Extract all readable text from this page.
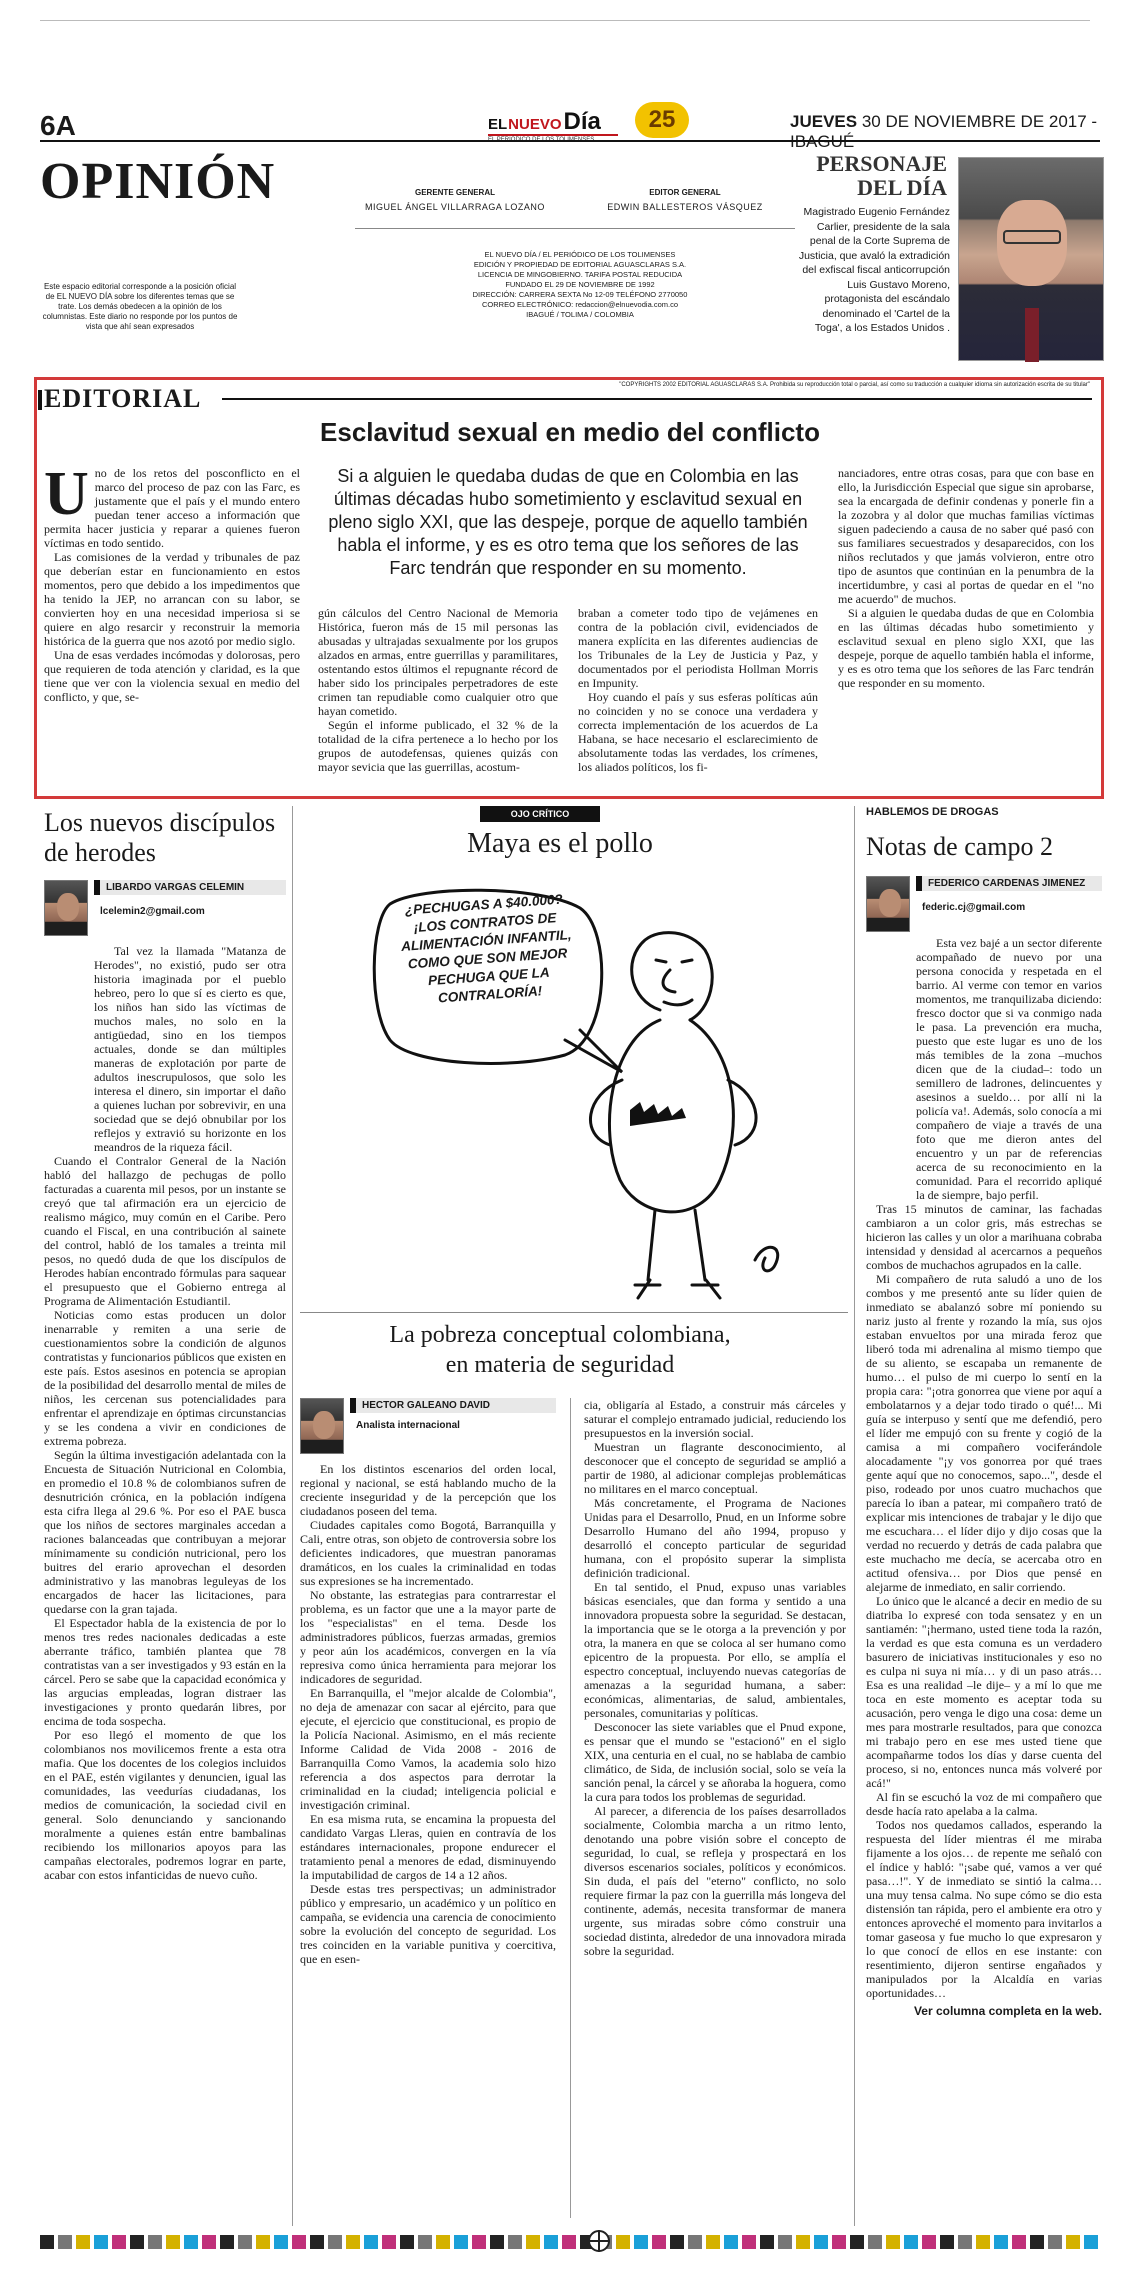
6A	EL NUEVO Día
EL PERIÓDICO DE LOS TOLIMENSES
25	JUEVES 30 DE NOVIEMBRE DE 2017 - IBAGUÉ
OPINIÓN
Este espacio editorial corresponde a la posición oficial de EL NUEVO DÍA sobre los diferentes temas que se trate. Los demás obedecen a la opinión de los columnistas. Este diario no responde por los puntos de vista que ahí sean expresados
GERENTE GENERAL
MIGUEL ÁNGEL VILLARRAGA LOZANO
EDITOR GENERAL
EDWIN BALLESTEROS VÁSQUEZ
EL NUEVO DÍA / EL PERIÓDICO DE LOS TOLIMENSES
EDICIÓN Y PROPIEDAD DE EDITORIAL AGUASCLARAS S.A.
LICENCIA DE MINGOBIERNO. TARIFA POSTAL REDUCIDA
FUNDADO EL 29 DE NOVIEMBRE DE 1992
DIRECCIÓN: CARRERA SEXTA No 12-09 TELÉFONO 2770050
CORREO ELECTRÓNICO: redaccion@elnuevodia.com.co
IBAGUÉ / TOLIMA / COLOMBIA
PERSONAJE
DEL DÍA
Magistrado Eugenio Fernández Carlier, presidente de la sala penal de la Corte Suprema de Justicia, que avaló la extradición del exfiscal fiscal anticorrupción Luis Gustavo Moreno, protagonista del escándalo denominado el 'Cartel de la Toga', a los Estados Unidos .
EDITORIAL	"COPYRIGHTS 2002 EDITORIAL AGUASCLARAS S.A. Prohibida su reproducción total o parcial, así como su traducción a cualquier idioma sin autorización escrita de su titular"
Esclavitud sexual en medio del conflicto
U no de los retos del posconflicto en el marco del proceso de paz con las Farc, es justamente que el país y el mundo entero puedan tener acceso a información que permita hacer justicia y reparar a quienes fueron víctimas en todo sentido.
Las comisiones de la verdad y tribunales de paz que deberían estar en funcionamiento en estos momentos, pero que debido a los impedimentos que ha tenido la JEP, no arrancan con su labor, se convierten hoy en una necesidad imperiosa si se quiere en algo resarcir y reconstruir la memoria histórica de la guerra que nos azotó por medio siglo.
Una de esas verdades incómodas y dolorosas, pero que requieren de toda atención y claridad, es la que tiene que ver con la violencia sexual en medio del conflicto, y que, se-
Si a alguien le quedaba dudas de que en Colombia en las últimas décadas hubo sometimiento y esclavitud sexual en pleno siglo XXI, que las despeje, porque de aquello también habla el informe, y es es otro tema que los señores de las Farc tendrán que responder en su momento.
gún cálculos del Centro Nacional de Memoria Histórica, fueron más de 15 mil personas las abusadas y ultrajadas sexualmente por los grupos alzados en armas, entre guerrillas y paramilitares, ostentando estos últimos el repugnante récord de haber sido los principales perpetradores de este crimen tan repudiable como cualquier otro que hayan cometido.
Según el informe publicado, el 32 % de la totalidad de la cifra pertenece a lo hecho por los grupos de autodefensas, quienes quizás con mayor sevicia que las guerrillas, acostum-
braban a cometer todo tipo de vejámenes en contra de la población civil, evidenciados de manera explícita en las diferentes audiencias de los Tribunales de la Ley de Justicia y Paz, y documentados por el periodista Hollman Morris en Impunity.
Hoy cuando el país y sus esferas políticas aún no coinciden y no se conoce una verdadera y correcta implementación de los acuerdos de La Habana, se hace necesario el esclarecimiento de absolutamente todas las verdades, los crímenes, los aliados políticos, los fi-
nanciadores, entre otras cosas, para que con base en ello, la Jurisdicción Especial que sigue sin aprobarse, sea la encargada de definir condenas y ponerle fin a la zozobra y al dolor que muchas familias víctimas siguen padeciendo a causa de no saber qué pasó con sus familiares secuestrados y desaparecidos, con los niños reclutados y que jamás volvieron, entre otro tipo de asuntos que continúan en la penumbra de la incertidumbre, y casi al portas de quedar en el "no me acuerdo" de muchos.
Si a alguien le quedaba dudas de que en Colombia en las últimas décadas hubo sometimiento y esclavitud sexual en pleno siglo XXI, que las despeje, porque de aquello también habla el informe, y es es otro tema que los señores de las Farc tendrán que responder en su momento.
Los nuevos discípulos de herodes
LIBARDO VARGAS CELEMIN
lcelemin2@gmail.com
Tal vez la llamada "Matanza de Herodes", no existió, pudo ser otra historia imaginada por el pueblo hebreo, pero lo que sí es cierto es que, los niños han sido las víctimas de muchos males, no solo en la antigüedad, sino en los tiempos actuales, donde se dan múltiples maneras de explotación por parte de adultos inescrupulosos, que solo les interesa el dinero, sin importar el daño a quienes luchan por sobrevivir, en una sociedad que se dejó obnubilar por los reflejos y extravió su horizonte en los meandros de la riqueza fácil.
Cuando el Contralor General de la Nación habló del hallazgo de pechugas de pollo facturadas a cuarenta mil pesos, por un instante se creyó que tal afirmación era un ejercicio de realismo mágico, muy común en el Caribe. Pero cuando el Fiscal, en una contribución al sainete del control, habló de los tamales a treinta mil pesos, no quedó duda de que los discípulos de Herodes habían encontrado fórmulas para saquear el presupuesto que el Gobierno entrega al Programa de Alimentación Estudiantil.
Noticias como estas producen un dolor inenarrable y remiten a una serie de cuestionamientos sobre la condición de algunos contratistas y funcionarios públicos que existen en este país. Estos asesinos en potencia se apropian de la posibilidad del desarrollo mental de miles de niños, les cercenan sus potencialidades para enfrentar el aprendizaje en óptimas circunstancias y se les condena a vivir en condiciones de extrema pobreza.
Según la última investigación adelantada con la Encuesta de Situación Nutricional en Colombia, en promedio el 10.8 % de colombianos sufren de desnutrición crónica, en la población indígena esta cifra llega al 29.6 %. Por eso el PAE busca que los niños de sectores marginales accedan a raciones balanceadas que contribuyan a mejorar mínimamente su condición nutricional, pero los buitres del erario aprovechan el desorden administrativo y las manobras leguleyas de los encargados de hacer las licitaciones, para quedarse con la gran tajada.
El Espectador habla de la existencia de por lo menos tres redes nacionales dedicadas a este aberrante tráfico, también plantea que 78 contratistas van a ser investigados y 93 están en la cárcel. Pero se sabe que la capacidad económica y las argucias empleadas, logran distraer las investigaciones y pronto quedarán libres, por encima de toda sospecha.
Por eso llegó el momento de que los colombianos nos movilicemos frente a esta otra mafia. Que los docentes de los colegios incluidos en el PAE, estén vigilantes y denuncien, igual las comunidades, las veedurías ciudadanas, los medios de comunicación, la sociedad civil en general. Solo denunciando y sancionando moralmente a quienes están entre bambalinas recibiendo los millonarios apoyos para las campañas electorales, podremos lograr en parte, acabar con estos infanticidas de nuevo cuño.
OJO CRÍTICO
Maya es el pollo
¿PECHUGAS A $40.000? ¡LOS CONTRATOS DE ALIMENTACIÓN INFANTIL, COMO QUE SON MEJOR PECHUGA QUE LA CONTRALORÍA!
La pobreza conceptual colombiana,
en materia de seguridad
HECTOR GALEANO DAVID
Analista internacional
En los distintos escenarios del orden local, regional y nacional, se está hablando mucho de la creciente inseguridad y de la percepción que los ciudadanos poseen del tema.
Ciudades capitales como Bogotá, Barranquilla y Cali, entre otras, son objeto de controversia sobre los deficientes indicadores, que muestran panoramas dramáticos, en los cuales la criminalidad en todas sus expresiones se ha incrementado.
No obstante, las estrategias para contrarrestar el problema, es un factor que une a la mayor parte de los "especialistas" en el tema. Desde los administradores públicos, fuerzas armadas, gremios y peor aún los académicos, convergen en la vía represiva como única herramienta para mejorar los indicadores de seguridad.
En Barranquilla, el "mejor alcalde de Colombia", no deja de amenazar con sacar al ejército, para que ejecute, el ejercicio que constitucional, es propio de la Policía Nacional. Asimismo, en el más reciente Informe Calidad de Vida 2008 - 2016 de Barranquilla Como Vamos, la academia solo hizo referencia a dos aspectos para derrotar la criminalidad en la ciudad; inteligencia policial e investigación criminal.
En esa misma ruta, se encamina la propuesta del candidato Vargas Lleras, quien en contravía de los estándares internacionales, propone endurecer el tratamiento penal a menores de edad, disminuyendo la imputabilidad de cargos de 14 a 12 años.
Desde estas tres perspectivas; un administrador público y empresario, un académico y un político en campaña, se evidencia una carencia de conocimiento sobre la evolución del concepto de seguridad. Los tres coinciden en la variable punitiva y coercitiva, que en esen-
cia, obligaría al Estado, a construir más cárceles y saturar el complejo entramado judicial, reduciendo los presupuestos en la inversión social.
Muestran un flagrante desconocimiento, al desconocer que el concepto de seguridad se amplió a partir de 1980, al adicionar complejas problemáticas no militares en el marco conceptual.
Más concretamente, el Programa de Naciones Unidas para el Desarrollo, Pnud, en un Informe sobre Desarrollo Humano del año 1994, propuso y desarrolló el concepto particular de seguridad humana, con el propósito superar la simplista definición tradicional.
En tal sentido, el Pnud, expuso unas variables básicas esenciales, que dan forma y sentido a una innovadora propuesta sobre la seguridad. Se destacan, la importancia que se le otorga a la prevención y por otra, la manera en que se coloca al ser humano como epicentro de la propuesta. Por ello, se amplía el espectro conceptual, incluyendo nuevas categorías de amenazas a la seguridad humana, a saber: económicas, alimentarias, de salud, ambientales, personales, comunitarias y políticas.
Desconocer las siete variables que el Pnud expone, es pensar que el mundo se "estacionó" en el siglo XIX, una centuria en el cual, no se hablaba de cambio climático, de Sida, de inclusión social, solo se veía la sanción penal, la cárcel y se añoraba la hoguera, como la cura para todos los problemas de seguridad.
Al parecer, a diferencia de los países desarrollados socialmente, Colombia marcha a un ritmo lento, denotando una pobre visión sobre el concepto de seguridad, lo cual, se refleja y prospectará en los diversos escenarios sociales, políticos y económicos. Sin duda, el país del "eterno" conflicto, no solo requiere firmar la paz con la guerrilla más longeva del continente, además, necesita transformar de manera urgente, sus miradas sobre cómo construir una sociedad distinta, alrededor de una innovadora mirada sobre la seguridad.
HABLEMOS DE DROGAS
Notas de campo 2
FEDERICO CARDENAS JIMENEZ
federic.cj@gmail.com
Esta vez bajé a un sector diferente acompañado de nuevo por una persona conocida y respetada en el barrio. Al verme con temor en varios momentos, me tranquilizaba diciendo: fresco doctor que si va conmigo nada le pasa. La prevención era mucha, puesto que este lugar es uno de los más temibles de la zona –muchos dicen que de la ciudad–: todo un semillero de ladrones, delincuentes y asesinos a sueldo… por allí ni la policía va!. Además, solo conocía a mi compañero de viaje a través de una foto que me dieron antes del encuentro y un par de referencias acerca de su reconocimiento en la comunidad. Para el recorrido apliqué la de siempre, bajo perfil.
Tras 15 minutos de caminar, las fachadas cambiaron a un color gris, más estrechas se hicieron las calles y un olor a marihuana cobraba intensidad y densidad al acercarnos a pequeños combos de muchachos agrupados en la calle.
Mi compañero de ruta saludó a uno de los combos y me presentó ante su líder quien de inmediato se abalanzó sobre mí poniendo su nariz justo al frente y rozando la mía, sus ojos estaban envueltos por una mirada feroz que liberó toda mi adrenalina al mismo tiempo que de su aliento, se escapaba un remanente de humo… el pulso de mi cuerpo lo sentí en la propia cara: "¡otra gonorrea que viene por aquí a embolatarnos y a dejar todo tirado o qué!... Mi guía se interpuso y sentí que me defendió, pero el líder me empujó con su frente y cogió de la camisa a mi compañero vociferándole alocadamente "¡y vos gonorrea por qué traes gente aquí que no conocemos, sapo...", desde el piso, rodeado por unos cuatro muchachos que parecía lo iban a patear, mi compañero trató de explicar mis intenciones de trabajar y le dijo que me escuchara… el líder dijo y dijo cosas que la verdad no recuerdo y detrás de cada palabra que este muchacho me decía, se acercaba otro en actitud ofensiva… por Dios que pensé en alejarme de inmediato, en salir corriendo.
Lo único que le alcancé a decir en medio de su diatriba lo expresé con toda sensatez y en un santiamén: "¡hermano, usted tiene toda la razón, la verdad es que esta comuna es un verdadero basurero de iniciativas institucionales y eso no es culpa ni suya ni mía… y di un paso atrás… Esa es una realidad –le dije– y a mí lo que me toca en este momento es aceptar toda su acusación, pero venga le digo una cosa: deme un mes para mostrarle resultados, para que conozca mi trabajo pero en ese mes usted tiene que acompañarme todos los días y darse cuenta del proceso, si no, entonces nunca más volveré por acá!"
Al fin se escuchó la voz de mi compañero que desde hacía rato apelaba a la calma.
Todos nos quedamos callados, esperando la respuesta del líder mientras él me miraba fijamente a los ojos… de repente me señaló con el índice y habló: "¡sabe qué, vamos a ver qué pasa…!". Y de inmediato se sintió la calma… una muy tensa calma. No supe cómo se dio esta distensión tan rápida, pero el ambiente era otro y entonces aproveché el momento para invitarlos a tomar gaseosa y fue mucho lo que expresaron y lo que conocí de ellos en ese instante: con resentimiento, dijeron sentirse engañados y manipulados por la Alcaldía en varias oportunidades…
Ver columna completa en la web.
